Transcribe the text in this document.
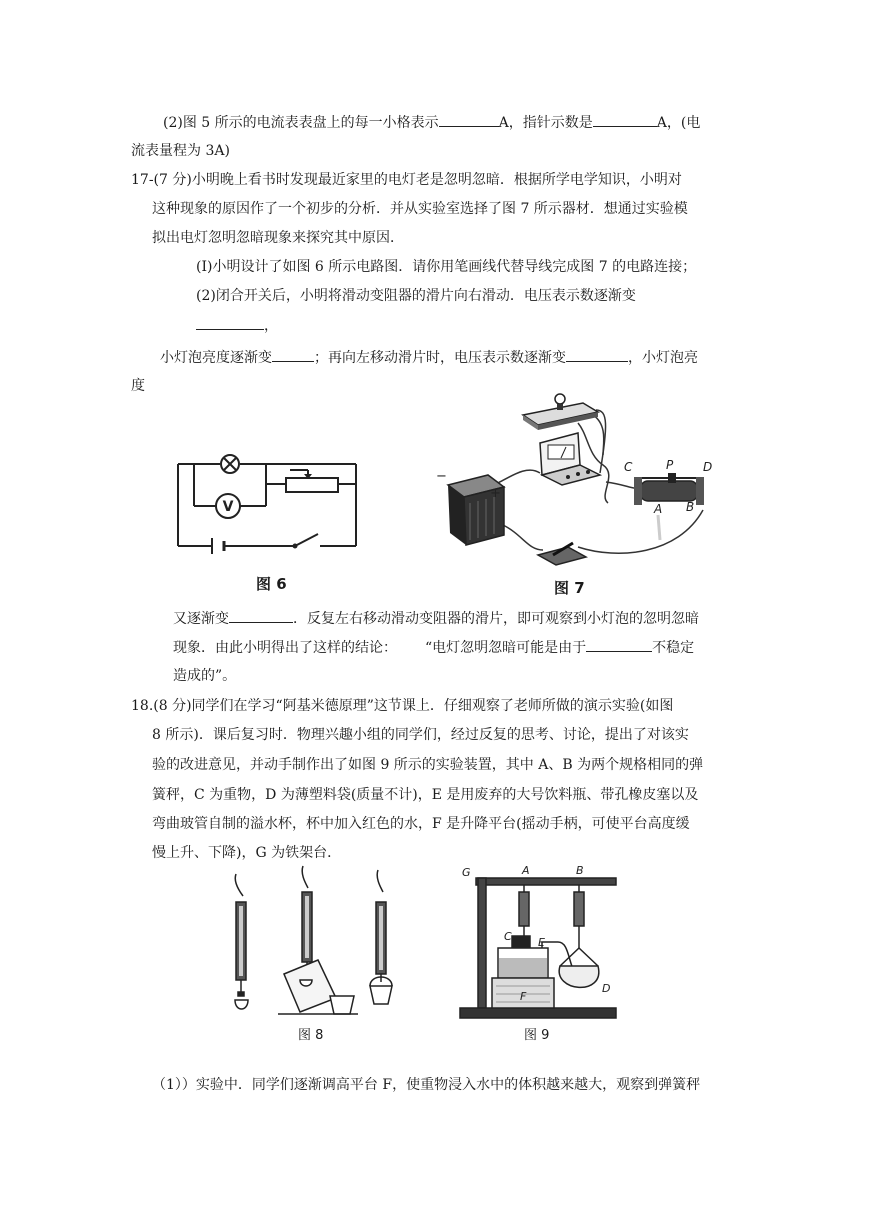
(2)图 5 所示的电流表表盘上的每一小格表示	A，指针示数是	A，(电
流表量程为 3A)
17-(7 分)小明晚上看书时发现最近家里的电灯老是忽明忽暗．根据所学电学知识，小明对
这种现象的原因作了一个初步的分析．并从实验室选择了图 7 所示器材．想通过实验模
拟出电灯忽明忽暗现象来探究其中原因．
(Ⅰ)小明设计了如图 6 所示电路图．请你用笔画线代替导线完成图 7 的电路连接；
(2)闭合开关后，小明将滑动变阻器的滑片向右滑动．电压表示数逐渐变
，
小灯泡亮度逐渐变	；再向左移动滑片时，电压表示数逐渐变	，小灯泡亮
度
V
图 6
−
+
C	P D
A B
图 7
又逐渐变	．反复左右移动滑动变阻器的滑片，即可观察到小灯泡的忽明忽暗
现象．由此小明得出了这样的结论： “电灯忽明忽暗可能是由于	不稳定
造成的”。
18.(8 分)同学们在学习“阿基米德原理”这节课上．仔细观察了老师所做的演示实验(如图
8 所示)．课后复习时．物理兴趣小组的同学们，经过反复的思考、讨论，提出了对该实
验的改进意见，并动手制作出了如图 9 所示的实验装置，其中 A、B 为两个规格相同的弹
簧秤，C 为重物，D 为薄塑料袋(质量不计)，E 是用废弃的大号饮料瓶、带孔橡皮塞以及
弯曲玻管自制的溢水杯，杯中加入红色的水，F 是升降平台(摇动手柄，可使平台高度缓
慢上升、下降)，G 为铁架台．
图 8
G	A	B
C E
D
F
图 9
（1））实验中．同学们逐渐调高平台 F，使重物浸入水中的体积越来越大，观察到弹簧秤
